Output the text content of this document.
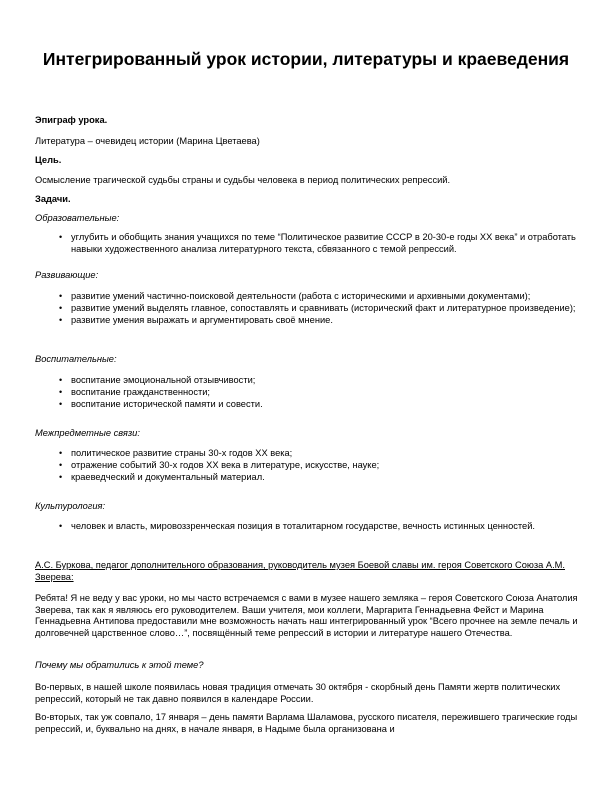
Интегрированный урок истории, литературы и краеведения

Эпиграф урока.

Литература – очевидец истории (Марина Цветаева)

Цель.

Осмысление трагической судьбы страны и судьбы человека в период политических репрессий.

Задачи.

Образовательные:

• углубить и обобщить знания учащихся по теме “Политическое развитие СССР в 20-30-е годы XX века” и отработать навыки художественного анализа литературного текста, сбвязанного с темой репрессий.

Развивающие:

• развитие умений частично-поисковой деятельности (работа с историческими и архивными документами);
• развитие умений выделять главное, сопоставлять и сравнивать (исторический факт и литературное произведение);
• развитие умения выражать и аргументировать своё мнение.

Воспитательные:

• воспитание эмоциональной отзывчивости;
• воспитание гражданственности;
• воспитание исторической памяти и совести.

Межпредметные связи:

• политическое развитие страны 30-х годов XX века;
• отражение событий 30-х годов XX века в литературе, искусстве, науке;
• краеведческий и документальный материал.

Культурология:

• человек и власть, мировоззренческая позиция в тоталитарном государстве, вечность истинных ценностей.

А.С. Буркова, педагог дополнительного образования, руководитель музея Боевой славы им. героя Советского Союза А.М. Зверева:

Ребята! Я не веду у вас уроки, но мы часто встречаемся с вами в музее нашего земляка – героя Советского Союза Анатолия Зверева, так как я являюсь его руководителем. Ваши учителя, мои коллеги, Маргарита Геннадьевна Фейст и Марина Геннадьевна Антипова предоставили мне возможность начать наш интегрированный урок “Всего прочнее на земле печаль и долговечней царственное слово…”, посвящённый теме репрессий в истории и литературе нашего Отечества.

Почему мы обратились к этой теме?

Во-первых, в нашей школе появилась новая традиция отмечать 30 октября - скорбный день Памяти жертв политических репрессий, который не так давно появился в календаре России.

Во-вторых, так уж совпало, 17 января – день памяти Варлама Шаламова, русского писателя, пережившего трагические годы репрессий, и, буквально на днях, в начале января, в Надыме была организована и
